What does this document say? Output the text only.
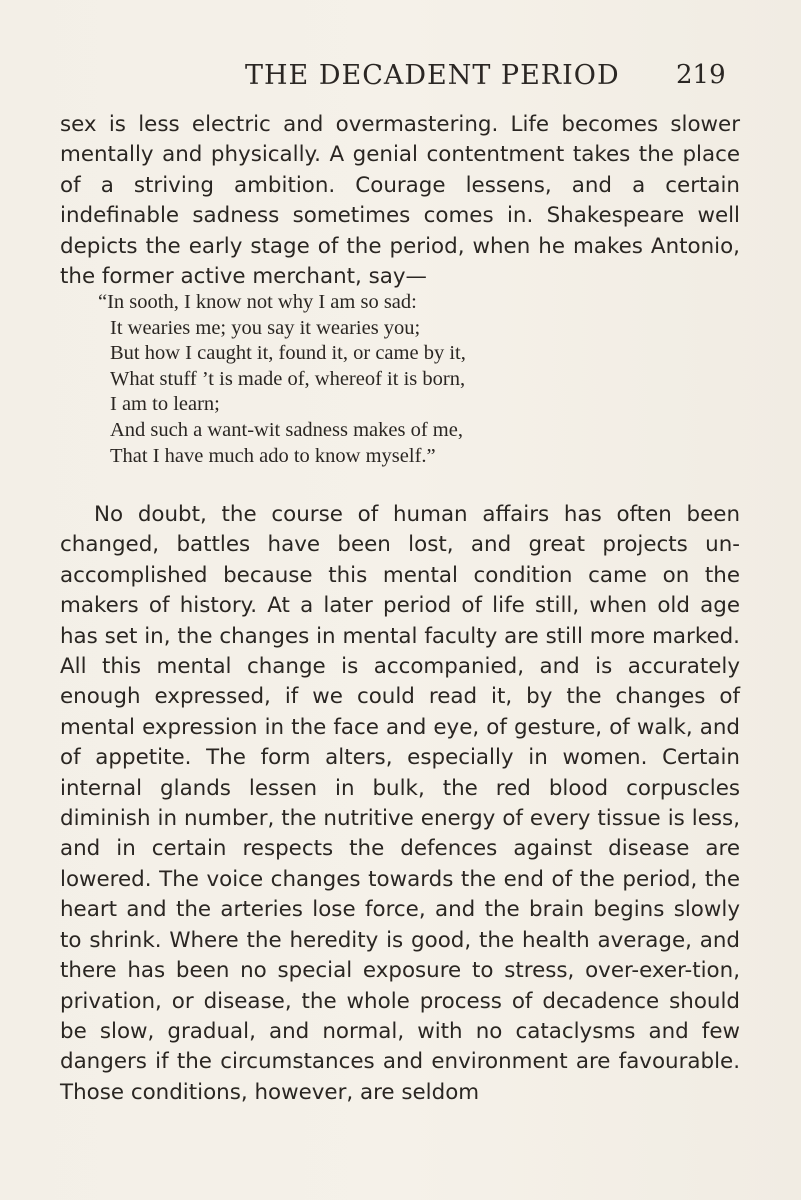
THE DECADENT PERIOD 219

sex is less electric and overmastering. Life becomes slower mentally and physically. A genial contentment takes the place of a striving ambition. Courage lessens, and a certain indefinable sadness sometimes comes in. Shakespeare well depicts the early stage of the period, when he makes Antonio, the former active merchant, say—

“In sooth, I know not why I am so sad:
It wearies me; you say it wearies you;
But how I caught it, found it, or came by it,
What stuff ’t is made of, whereof it is born,
I am to learn;
And such a want-wit sadness makes of me,
That I have much ado to know myself.”

No doubt, the course of human affairs has often been changed, battles have been lost, and great projects un-accomplished because this mental condition came on the makers of history. At a later period of life still, when old age has set in, the changes in mental faculty are still more marked. All this mental change is accompanied, and is accurately enough expressed, if we could read it, by the changes of mental expression in the face and eye, of gesture, of walk, and of appetite. The form alters, especially in women. Certain internal glands lessen in bulk, the red blood corpuscles diminish in number, the nutritive energy of every tissue is less, and in certain respects the defences against disease are lowered. The voice changes towards the end of the period, the heart and the arteries lose force, and the brain begins slowly to shrink. Where the heredity is good, the health average, and there has been no special exposure to stress, over-exer-tion, privation, or disease, the whole process of decadence should be slow, gradual, and normal, with no cataclysms and few dangers if the circumstances and environment are favourable. Those conditions, however, are seldom
